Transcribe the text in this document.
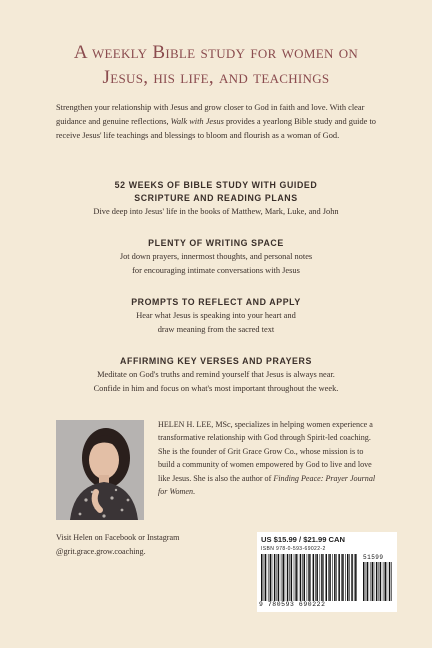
A weekly Bible study for women on
Jesus, his life, and teachings
Strengthen your relationship with Jesus and grow closer to God in faith and love. With clear guidance and genuine reflections, Walk with Jesus provides a yearlong Bible study and guide to receive Jesus' life teachings and blessings to bloom and flourish as a woman of God.
52 WEEKS OF BIBLE STUDY WITH GUIDED
SCRIPTURE AND READING PLANS
Dive deep into Jesus' life in the books of Matthew, Mark, Luke, and John
PLENTY OF WRITING SPACE
Jot down prayers, innermost thoughts, and personal notes
for encouraging intimate conversations with Jesus
PROMPTS TO REFLECT AND APPLY
Hear what Jesus is speaking into your heart and
draw meaning from the sacred text
AFFIRMING KEY VERSES AND PRAYERS
Meditate on God's truths and remind yourself that Jesus is always near.
Confide in him and focus on what's most important throughout the week.
HELEN H. LEE, MSc, specializes in helping women experience a transformative relationship with God through Spirit-led coaching. She is the founder of Grit Grace Grow Co., whose mission is to build a community of women empowered by God to live and love like Jesus. She is also the author of Finding Peace: Prayer Journal for Women.
Visit Helen on Facebook or Instagram
@grit.grace.grow.coaching.
US $15.99 / $21.99 CAN
ISBN 978-0-593-69022-2
9 780593 690222
51599
